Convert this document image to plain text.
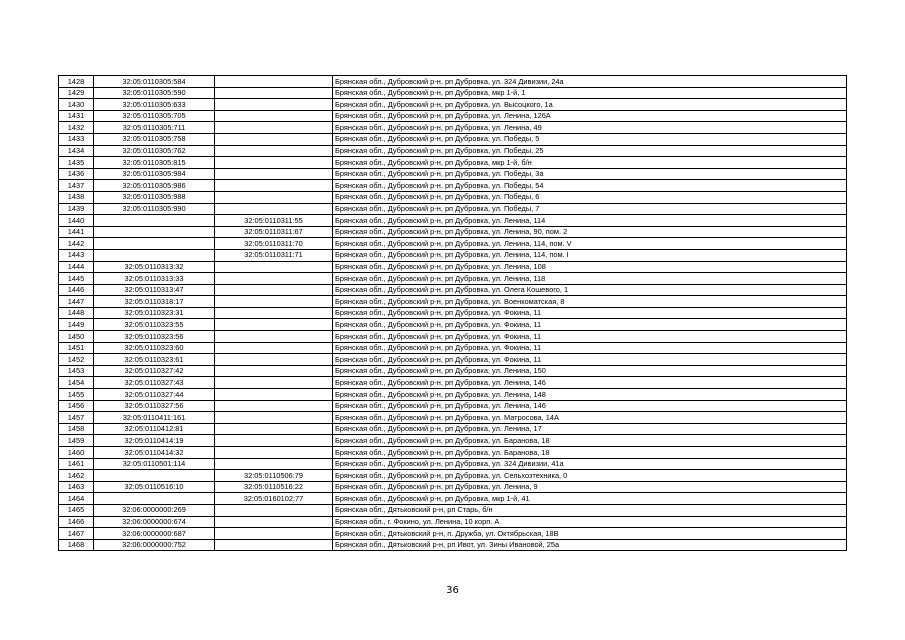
1428	32:05:0110305:584		Брянская обл., Дубровский р-н, рп Дубровка, ул. 324 Дивизии, 24а
1429	32:05:0110305:590		Брянская обл., Дубровский р-н, рп Дубровка, мкр 1-й, 1
1430	32:05:0110305:633		Брянская обл., Дубровский р-н, рп Дубровка, ул. Высоцкого, 1а
1431	32:05:0110305:705		Брянская обл., Дубровский р-н, рп Дубровка, ул. Ленина, 126А
1432	32:05:0110305:711		Брянская обл., Дубровский р-н, рп Дубровка, ул. Ленина, 49
1433	32:05:0110305:758		Брянская обл., Дубровский р-н, рп Дубровка, ул. Победы, 5
1434	32:05:0110305:762		Брянская обл., Дубровский р-н, рп Дубровка, ул. Победы, 25
1435	32:05:0110305:815		Брянская обл., Дубровский р-н, рп Дубровка, мкр 1-й, б/н
1436	32:05:0110305:984		Брянская обл., Дубровский р-н, рп Дубровка, ул. Победы, 3а
1437	32:05:0110305:986		Брянская обл., Дубровский р-н, рп Дубровка, ул. Победы, 54
1438	32:05:0110305:988		Брянская обл., Дубровский р-н, рп Дубровка, ул. Победы, 6
1439	32:05:0110305:990		Брянская обл., Дубровский р-н, рп Дубровка, ул. Победы, 7
1440		32:05:0110311:55	Брянская обл., Дубровский р-н, рп Дубровка, ул. Ленина, 114
1441		32:05:0110311:67	Брянская обл., Дубровский р-н, рп Дубровка, ул. Ленина, 90, пом. 2
1442		32:05:0110311:70	Брянская обл., Дубровский р-н, рп Дубровка, ул. Ленина, 114, пом. V
1443		32:05:0110311:71	Брянская обл., Дубровский р-н, рп Дубровка, ул. Ленина, 114, пом. I
1444	32:05:0110313:32		Брянская обл., Дубровский р-н, рп Дубровка, ул. Ленина, 108
1445	32:05:0110313:33		Брянская обл., Дубровский р-н, рп Дубровка, ул. Ленина, 118
1446	32:05:0110313:47		Брянская обл., Дубровский р-н, рп Дубровка, ул. Олега Кошевого, 1
1447	32:05:0110318:17		Брянская обл., Дубровский р-н, рп Дубровка, ул. Военкоматская, 8
1448	32:05:0110323:31		Брянская обл., Дубровский р-н, рп Дубровка, ул. Фокина, 11
1449	32:05:0110323:55		Брянская обл., Дубровский р-н, рп Дубровка, ул. Фокина, 11
1450	32:05:0110323:56		Брянская обл., Дубровский р-н, рп Дубровка, ул. Фокина, 11
1451	32:05:0110323:60		Брянская обл., Дубровский р-н, рп Дубровка, ул. Фокина, 11
1452	32:05:0110323:61		Брянская обл., Дубровский р-н, рп Дубровка, ул. Фокина, 11
1453	32:05:0110327:42		Брянская обл., Дубровский р-н, рп Дубровка, ул. Ленина, 150
1454	32:05:0110327:43		Брянская обл., Дубровский р-н, рп Дубровка, ул. Ленина, 146
1455	32:05:0110327:44		Брянская обл., Дубровский р-н, рп Дубровка, ул. Ленина, 148
1456	32:05:0110327:56		Брянская обл., Дубровский р-н, рп Дубровка, ул. Ленина, 146
1457	32:05:0110411:161		Брянская обл., Дубровский р-н, рп Дубровка, ул. Матросова, 14А
1458	32:05:0110412:81		Брянская обл., Дубровский р-н, рп Дубровка, ул. Ленина, 17
1459	32:05:0110414:19		Брянская обл., Дубровский р-н, рп Дубровка, ул. Баранова, 18
1460	32:05:0110414:32		Брянская обл., Дубровский р-н, рп Дубровка, ул. Баранова, 18
1461	32:05:0110501:114		Брянская обл., Дубровский р-н, рп Дубровка, ул. 324 Дивизии, 41а
1462		32:05:0110506:79	Брянская обл., Дубровский р-н, рп Дубровка, ул. Сельхозтехника, 0
1463	32:05:0110516:10	32:05:0110516:22	Брянская обл., Дубровский р-н, рп Дубровка, ул. Ленина, 9
1464		32:05:0160102:77	Брянская обл., Дубровский р-н, рп Дубровка, мкр 1-й, 41
1465	32:06:0000000:269		Брянская обл., Дятьковский р-н, рп Старь, б/н
1466	32:06:0000000:674		Брянская обл., г. Фокино, ул. Ленина, 10 корп. А
1467	32:06:0000000:687		Брянская обл., Дятьковский р-н, п. Дружба, ул. Октябрьская, 18В
1468	32:06:0000000:752		Брянская обл., Дятьковский р-н, рп Ивот, ул. Зины Ивановой, 25а
36
